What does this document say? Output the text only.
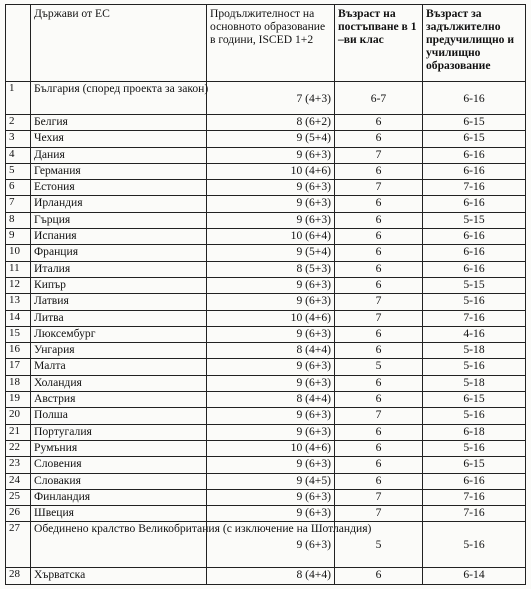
	Държави от ЕС	Продължителност на основното образование в години, ISCED 1+2	Възраст на постъпване в 1 –ви клас	Възраст за задължително предучилищно и училищно образование
1	България (според проекта за закон)	7 (4+3)	6-7	6-16
2	Белгия	8 (6+2)	6	6-15
3	Чехия	9 (5+4)	6	6-15
4	Дания	9 (6+3)	7	6-16
5	Германия	10 (4+6)	6	6-16
6	Естония	9 (6+3)	7	7-16
7	Ирландия	9 (6+3)	6	6-16
8	Гърция	9 (6+3)	6	5-15
9	Испания	10 (6+4)	6	6-16
10	Франция	9 (5+4)	6	6-16
11	Италия	8 (5+3)	6	6-16
12	Кипър	9 (6+3)	6	5-15
13	Латвия	9 (6+3)	7	5-16
14	Литва	10 (4+6)	7	7-16
15	Люксембург	9 (6+3)	6	4-16
16	Унгария	8 (4+4)	6	5-18
17	Малта	9 (6+3)	5	5-16
18	Холандия	9 (6+3)	6	5-18
19	Австрия	8 (4+4)	6	6-15
20	Полша	9 (6+3)	7	5-16
21	Португалия	9 (6+3)	6	6-18
22	Румъния	10 (4+6)	6	5-16
23	Словения	9 (6+3)	6	6-15
24	Словакия	9 (4+5)	6	6-16
25	Финландия	9 (6+3)	7	7-16
26	Швеция	9 (6+3)	7	7-16
27	Обединено кралство Великобритания (с изключение на Шотландия)	9 (6+3)	5	5-16
28	Хърватска	8 (4+4)	6	6-14
